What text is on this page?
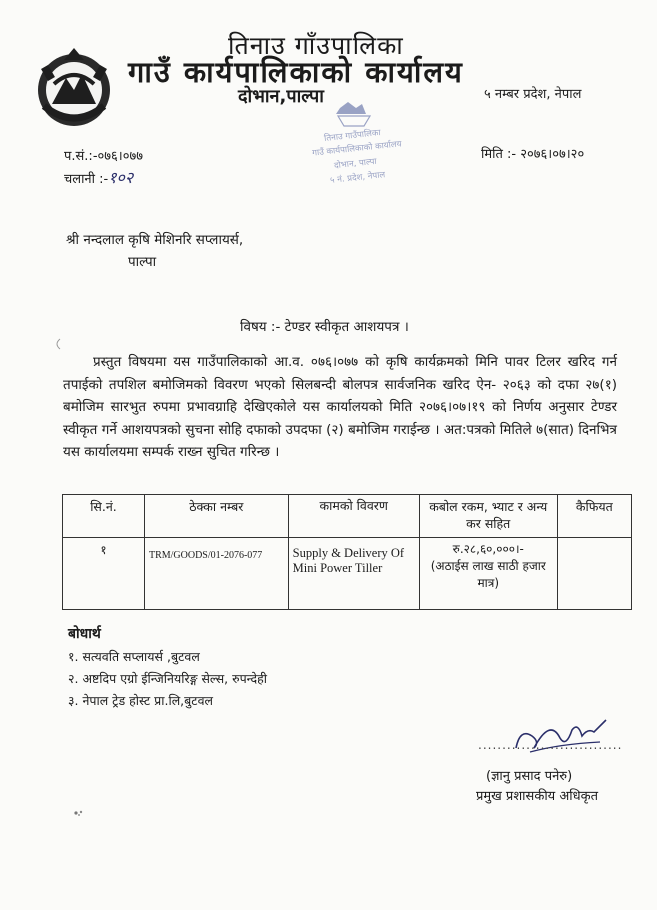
तिनाउ गाँउपालिका
गाउँ कार्यपालिकाको कार्यालय
दोभान,पाल्पा	५ नम्बर प्रदेश, नेपाल
तिनाउ गाउँपालिका
गाउँ कार्यपालिकाको कार्यालय
दोभान, पाल्पा
५ नं. प्रदेश, नेपाल
प.सं.:-०७६।०७७
चलानी :-१०२
मिति :- २०७६।०७।२०
श्री नन्दलाल कृषि मेशिनरि सप्लायर्स,
पाल्पा
विषय :- टेण्डर स्वीकृत आशयपत्र ।
प्रस्तुत विषयमा यस गाउँपालिकाको आ.व. ०७६।०७७ को कृषि कार्यक्रमको मिनि पावर टिलर खरिद गर्न तपाईको तपशिल बमोजिमको विवरण भएको सिलबन्दी बोलपत्र सार्वजनिक खरिद ऐन- २०६३ को दफा २७(१) बमोजिम सारभुत रुपमा प्रभावग्राहि देखिएकोले यस कार्यालयको मिति २०७६।०७।१९ को निर्णय अनुसार टेण्डर स्वीकृत गर्ने आशयपत्रको सुचना सोहि दफाको उपदफा (२) बमोजिम गराईन्छ । अत:पत्रको मितिले ७(सात) दिनभित्र यस कार्यालयमा सम्पर्क राख्न सुचित गरिन्छ ।
सि.नं.	ठेक्का नम्बर	कामको विवरण	कबोल रकम, भ्याट र अन्य कर सहित	कैफियत
१	TRM/GOODS/01-2076-077	Supply & Delivery Of Mini Power Tiller	रु.२८,६०,०००।-
(अठाईस लाख साठी हजार मात्र)	

बोधार्थ
१. सत्यवति सप्लायर्स ,बुटवल
२. अष्टदिप एग्रो ईन्जिनियरिङ्ग सेल्स, रुपन्देही
३. नेपाल ट्रेड होस्ट प्रा.लि,बुटवल
..............................
(ज्ञानु प्रसाद पनेरु)
प्रमुख प्रशासकीय अधिकृत
